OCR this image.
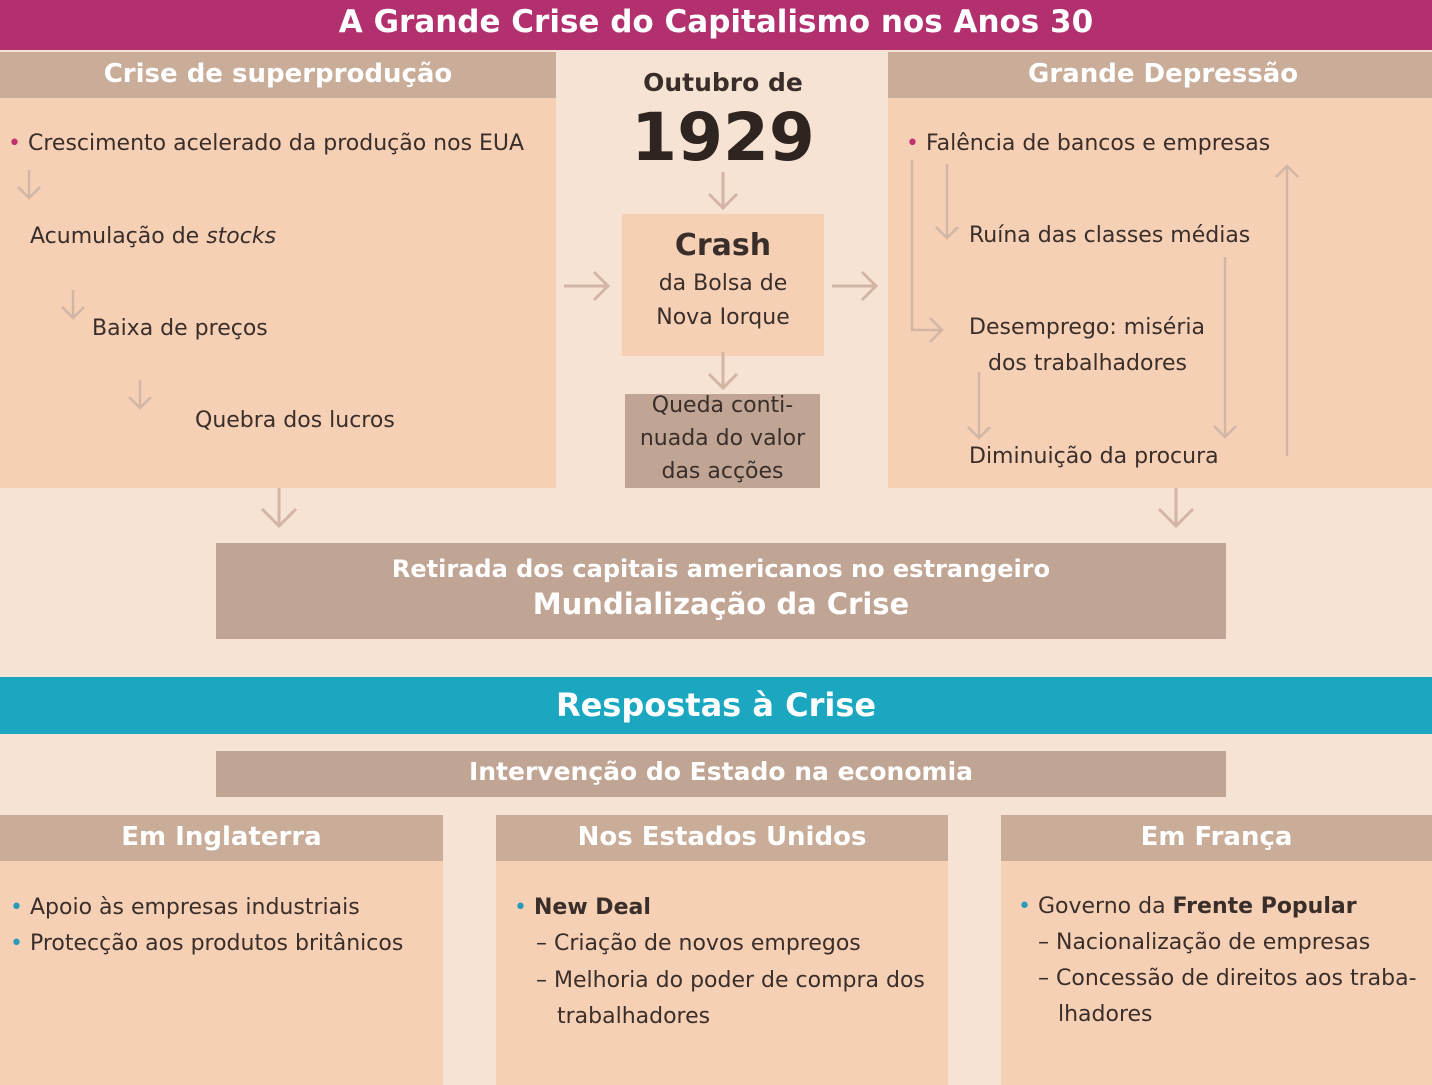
A Grande Crise do Capitalismo nos Anos 30
Crise de superprodução
• Crescimento acelerado da produção nos EUA
Acumulação de stocks
Baixa de preços
Quebra dos lucros
Outubro de
1929
Crash
da Bolsa de
Nova Iorque
Queda conti-
nuada do valor
das acções
Grande Depressão
• Falência de bancos e empresas
Ruína das classes médias
Desemprego: miséria
dos trabalhadores
Diminuição da procura
Retirada dos capitais americanos no estrangeiro
Mundialização da Crise
Respostas à Crise
Intervenção do Estado na economia
Em Inglaterra
• Apoio às empresas industriais
• Protecção aos produtos britânicos
Nos Estados Unidos
• New Deal
– Criação de novos empregos
– Melhoria do poder de compra dos
trabalhadores
Em França
• Governo da Frente Popular
– Nacionalização de empresas
– Concessão de direitos aos traba-
lhadores
